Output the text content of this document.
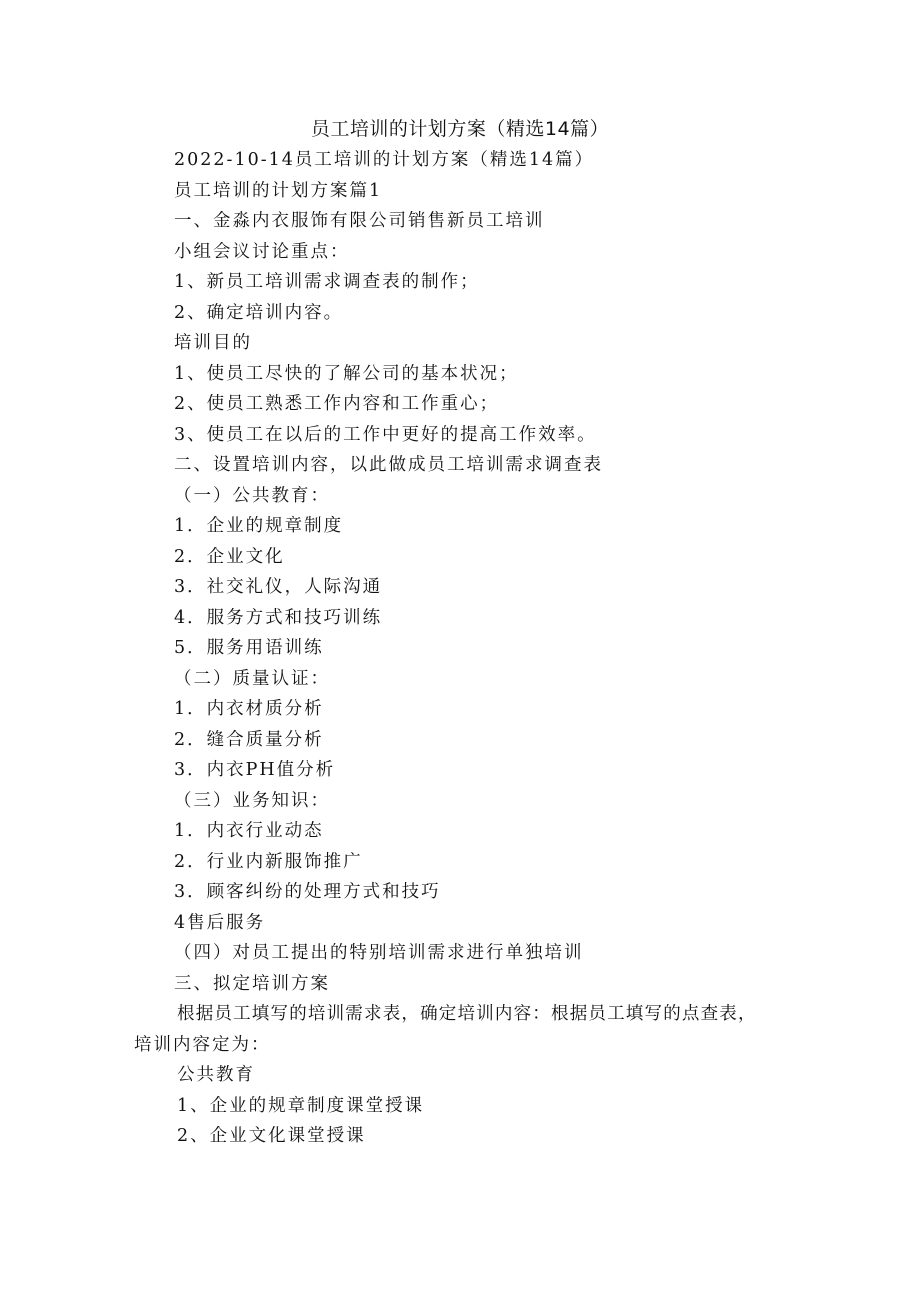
员工培训的计划方案（精选14篇）
2022-10-14员工培训的计划方案（精选14篇）
员工培训的计划方案篇1
一、金淼内衣服饰有限公司销售新员工培训
小组会议讨论重点：
1、新员工培训需求调查表的制作；
2、确定培训内容。
培训目的
1、使员工尽快的了解公司的基本状况；
2、使员工熟悉工作内容和工作重心；
3、使员工在以后的工作中更好的提高工作效率。
二、设置培训内容，以此做成员工培训需求调查表
（一）公共教育：
1．企业的规章制度
2．企业文化
3．社交礼仪，人际沟通
4．服务方式和技巧训练
5．服务用语训练
（二）质量认证：
1．内衣材质分析
2．缝合质量分析
3．内衣PH值分析
（三）业务知识：
1．内衣行业动态
2．行业内新服饰推广
3．顾客纠纷的处理方式和技巧
4售后服务
（四）对员工提出的特别培训需求进行单独培训
三、拟定培训方案
根据员工填写的培训需求表，确定培训内容：根据员工填写的点查表，
培训内容定为：
公共教育
1、企业的规章制度课堂授课
2、企业文化课堂授课
